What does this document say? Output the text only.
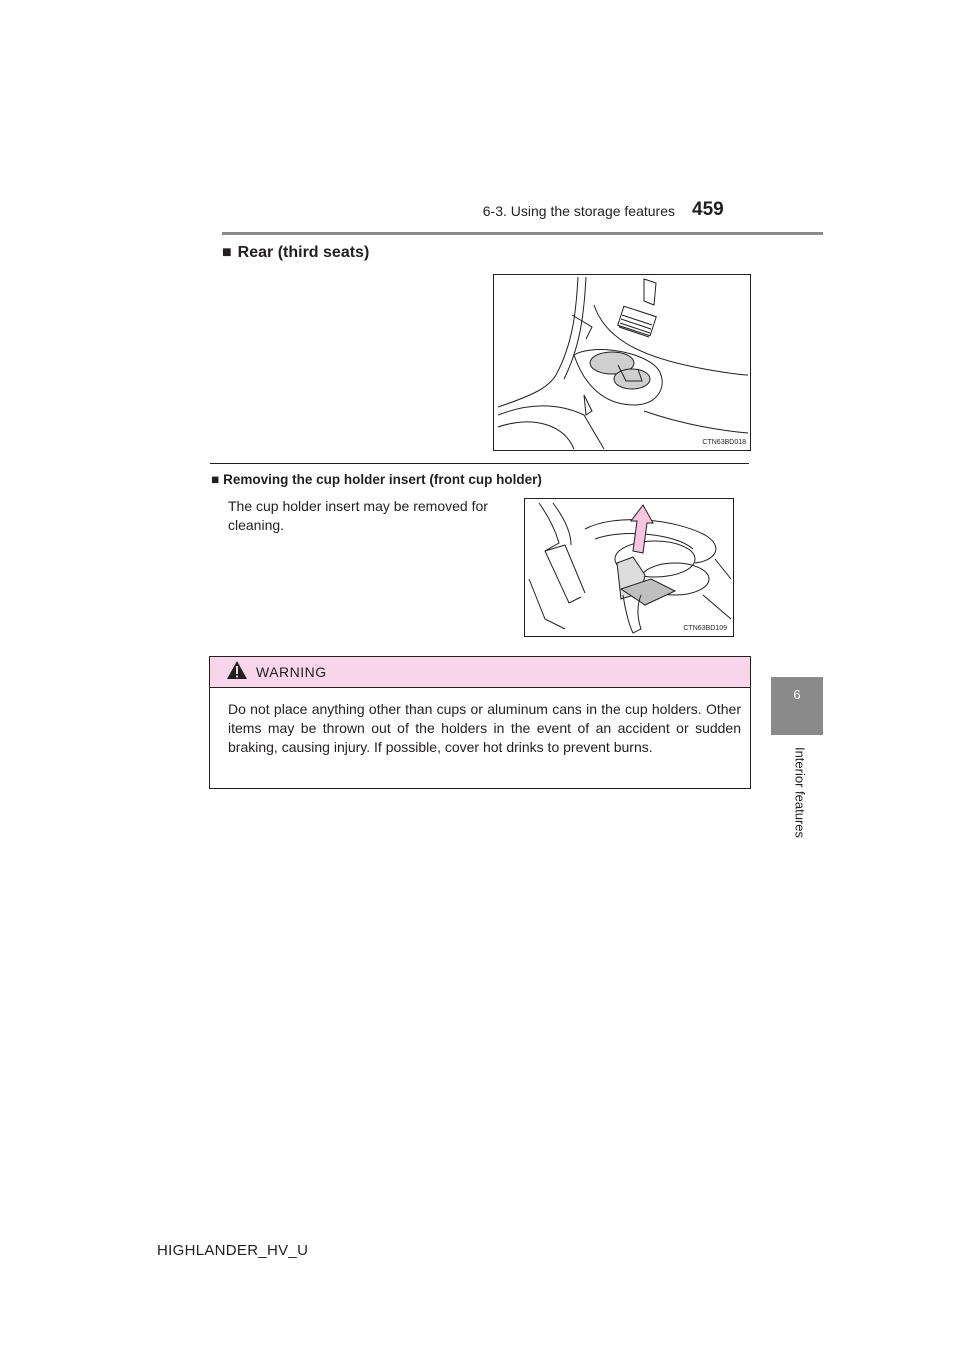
6-3. Using the storage features 459
6
Interior features
■ Rear (third seats)
CTN63BD018
■ Removing the cup holder insert (front cup holder)
The cup holder insert may be removed for cleaning.
CTN63BD109
WARNING
Do not place anything other than cups or aluminum cans in the cup holders. Other items may be thrown out of the holders in the event of an accident or sudden braking, causing injury. If possible, cover hot drinks to prevent burns.
HIGHLANDER_HV_U
